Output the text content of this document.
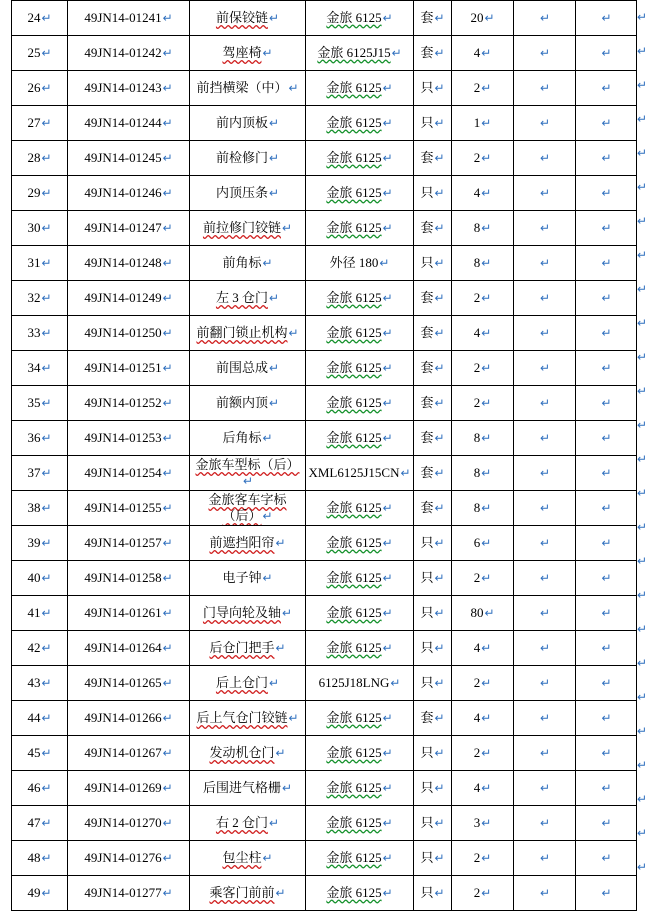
24↵	49JN14-01241↵	前保铰链↵	金旅 6125↵	套↵	20↵	↵	↵
25↵	49JN14-01242↵	驾座椅↵	金旅 6125J15↵	套↵	4↵	↵	↵
26↵	49JN14-01243↵	前挡横梁（中）↵	金旅 6125↵	只↵	2↵	↵	↵
27↵	49JN14-01244↵	前内顶板↵	金旅 6125↵	只↵	1↵	↵	↵
28↵	49JN14-01245↵	前检修门↵	金旅 6125↵	套↵	2↵	↵	↵
29↵	49JN14-01246↵	内顶压条↵	金旅 6125↵	只↵	4↵	↵	↵
30↵	49JN14-01247↵	前拉修门铰链↵	金旅 6125↵	套↵	8↵	↵	↵
31↵	49JN14-01248↵	前角标↵	外径 180↵	只↵	8↵	↵	↵
32↵	49JN14-01249↵	左 3 仓门↵	金旅 6125↵	套↵	2↵	↵	↵
33↵	49JN14-01250↵	前翻门锁止机构↵	金旅 6125↵	套↵	4↵	↵	↵
34↵	49JN14-01251↵	前围总成↵	金旅 6125↵	套↵	2↵	↵	↵
35↵	49JN14-01252↵	前额内顶↵	金旅 6125↵	套↵	2↵	↵	↵
36↵	49JN14-01253↵	后角标↵	金旅 6125↵	套↵	8↵	↵	↵
37↵	49JN14-01254↵	金旅车型标（后）↵	XML6125J15CN↵	套↵	8↵	↵	↵
38↵	49JN14-01255↵	金旅客车字标
（后）↵	金旅 6125↵	套↵	8↵	↵	↵
39↵	49JN14-01257↵	前遮挡阳帘↵	金旅 6125↵	只↵	6↵	↵	↵
40↵	49JN14-01258↵	电子钟↵	金旅 6125↵	只↵	2↵	↵	↵
41↵	49JN14-01261↵	门导向轮及轴↵	金旅 6125↵	只↵	80↵	↵	↵
42↵	49JN14-01264↵	后仓门把手↵	金旅 6125↵	只↵	4↵	↵	↵
43↵	49JN14-01265↵	后上仓门↵	6125J18LNG↵	只↵	2↵	↵	↵
44↵	49JN14-01266↵	后上气仓门铰链↵	金旅 6125↵	套↵	4↵	↵	↵
45↵	49JN14-01267↵	发动机仓门↵	金旅 6125↵	只↵	2↵	↵	↵
46↵	49JN14-01269↵	后围进气格栅↵	金旅 6125↵	只↵	4↵	↵	↵
47↵	49JN14-01270↵	右 2 仓门↵	金旅 6125↵	只↵	3↵	↵	↵
48↵	49JN14-01276↵	包尘柱↵	金旅 6125↵	只↵	2↵	↵	↵
49↵	49JN14-01277↵	乘客门前前↵	金旅 6125↵	只↵	2↵	↵	↵
↵
↵
↵
↵
↵
↵
↵
↵
↵
↵
↵
↵
↵
↵
↵
↵
↵
↵
↵
↵
↵
↵
↵
↵
↵
↵
